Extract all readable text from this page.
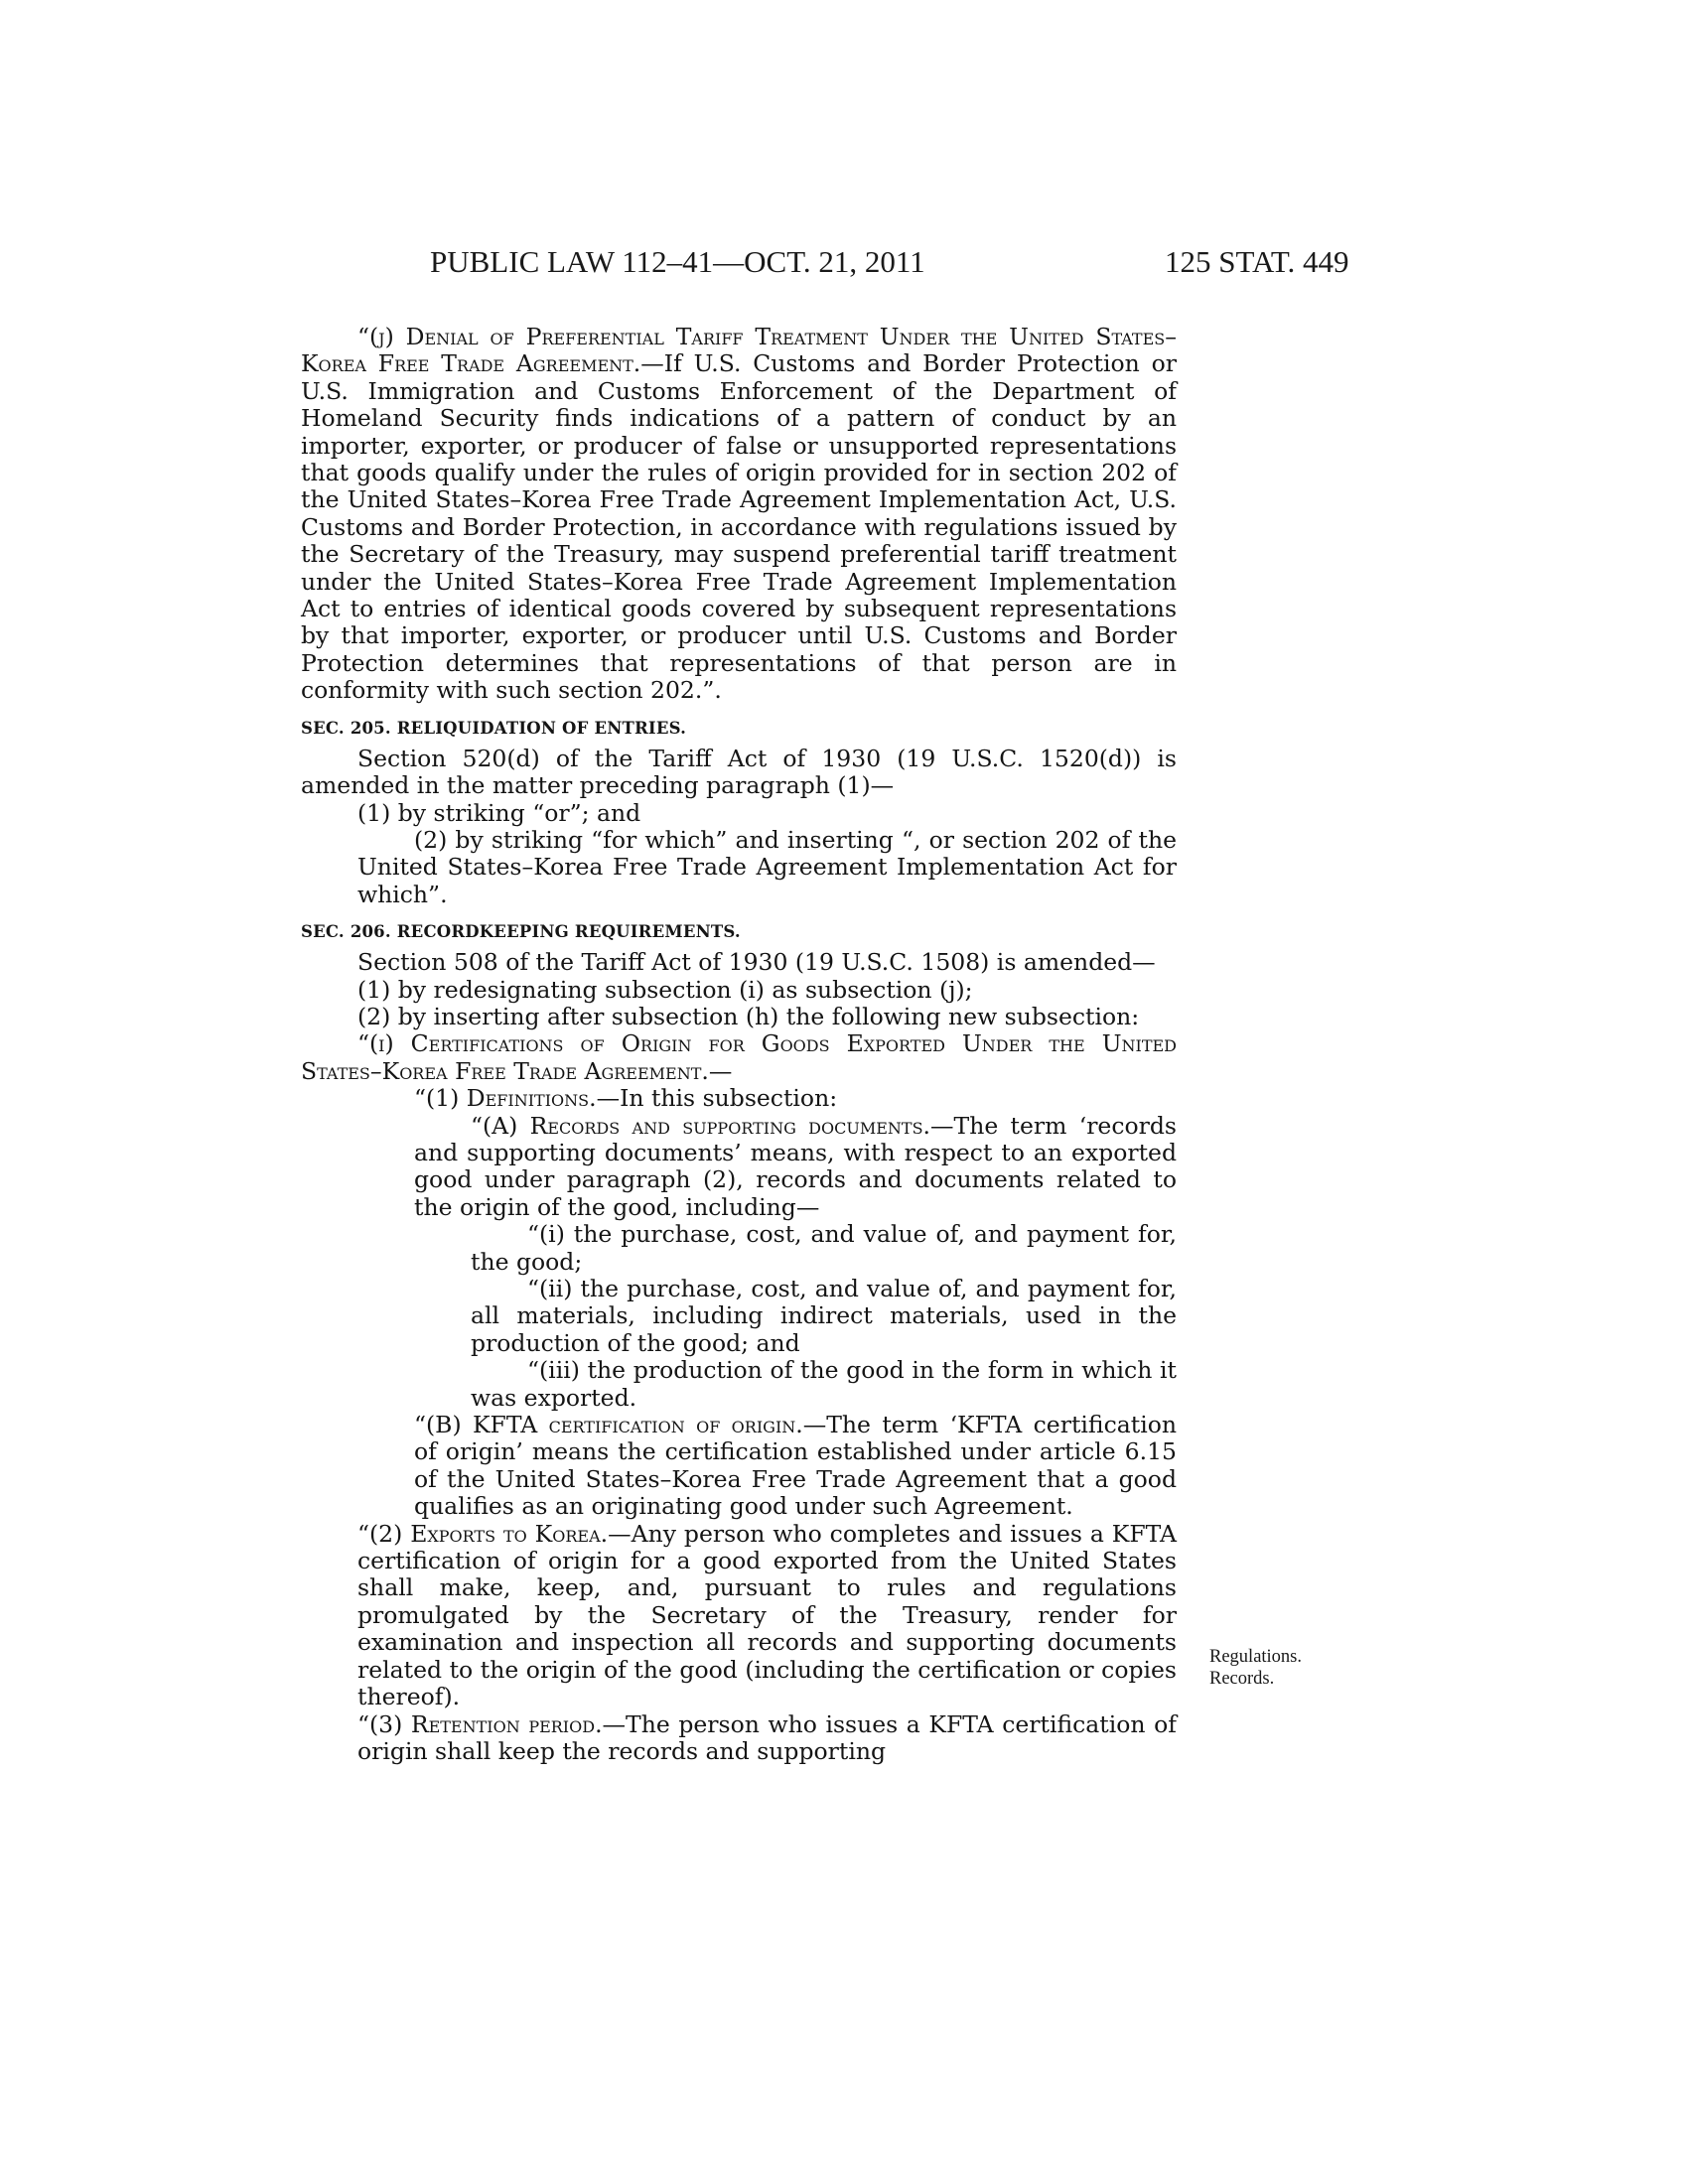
PUBLIC LAW 112–41—OCT. 21, 2011	125 STAT. 449

“(j) Denial of Preferential Tariff Treatment Under the United States–Korea Free Trade Agreement.—If U.S. Customs and Border Protection or U.S. Immigration and Customs Enforcement of the Department of Homeland Security finds indications of a pattern of conduct by an importer, exporter, or producer of false or unsupported representations that goods qualify under the rules of origin provided for in section 202 of the United States–Korea Free Trade Agreement Implementation Act, U.S. Customs and Border Protection, in accordance with regulations issued by the Secretary of the Treasury, may suspend preferential tariff treatment under the United States–Korea Free Trade Agreement Implementation Act to entries of identical goods covered by subsequent representations by that importer, exporter, or producer until U.S. Customs and Border Protection determines that representations of that person are in conformity with such section 202.”.

SEC. 205. RELIQUIDATION OF ENTRIES.

Section 520(d) of the Tariff Act of 1930 (19 U.S.C. 1520(d)) is amended in the matter preceding paragraph (1)—

(1) by striking “or”; and

(2) by striking “for which” and inserting “, or section 202 of the United States–Korea Free Trade Agreement Implementation Act for which”.

SEC. 206. RECORDKEEPING REQUIREMENTS.

Section 508 of the Tariff Act of 1930 (19 U.S.C. 1508) is amended—

(1) by redesignating subsection (i) as subsection (j);

(2) by inserting after subsection (h) the following new subsection:

“(i) Certifications of Origin for Goods Exported Under the United States–Korea Free Trade Agreement.—

“(1) Definitions.—In this subsection:

“(A) Records and supporting documents.—The term ‘records and supporting documents’ means, with respect to an exported good under paragraph (2), records and documents related to the origin of the good, including—

“(i) the purchase, cost, and value of, and payment for, the good;

“(ii) the purchase, cost, and value of, and payment for, all materials, including indirect materials, used in the production of the good; and

“(iii) the production of the good in the form in which it was exported.

“(B) KFTA certification of origin.—The term ‘KFTA certification of origin’ means the certification established under article 6.15 of the United States–Korea Free Trade Agreement that a good qualifies as an originating good under such Agreement.

“(2) Exports to Korea.—Any person who completes and issues a KFTA certification of origin for a good exported from the United States shall make, keep, and, pursuant to rules and regulations promulgated by the Secretary of the Treasury, render for examination and inspection all records and supporting documents related to the origin of the good (including the certification or copies thereof).

“(3) Retention period.—The person who issues a KFTA certification of origin shall keep the records and supporting

Regulations.
Records.
